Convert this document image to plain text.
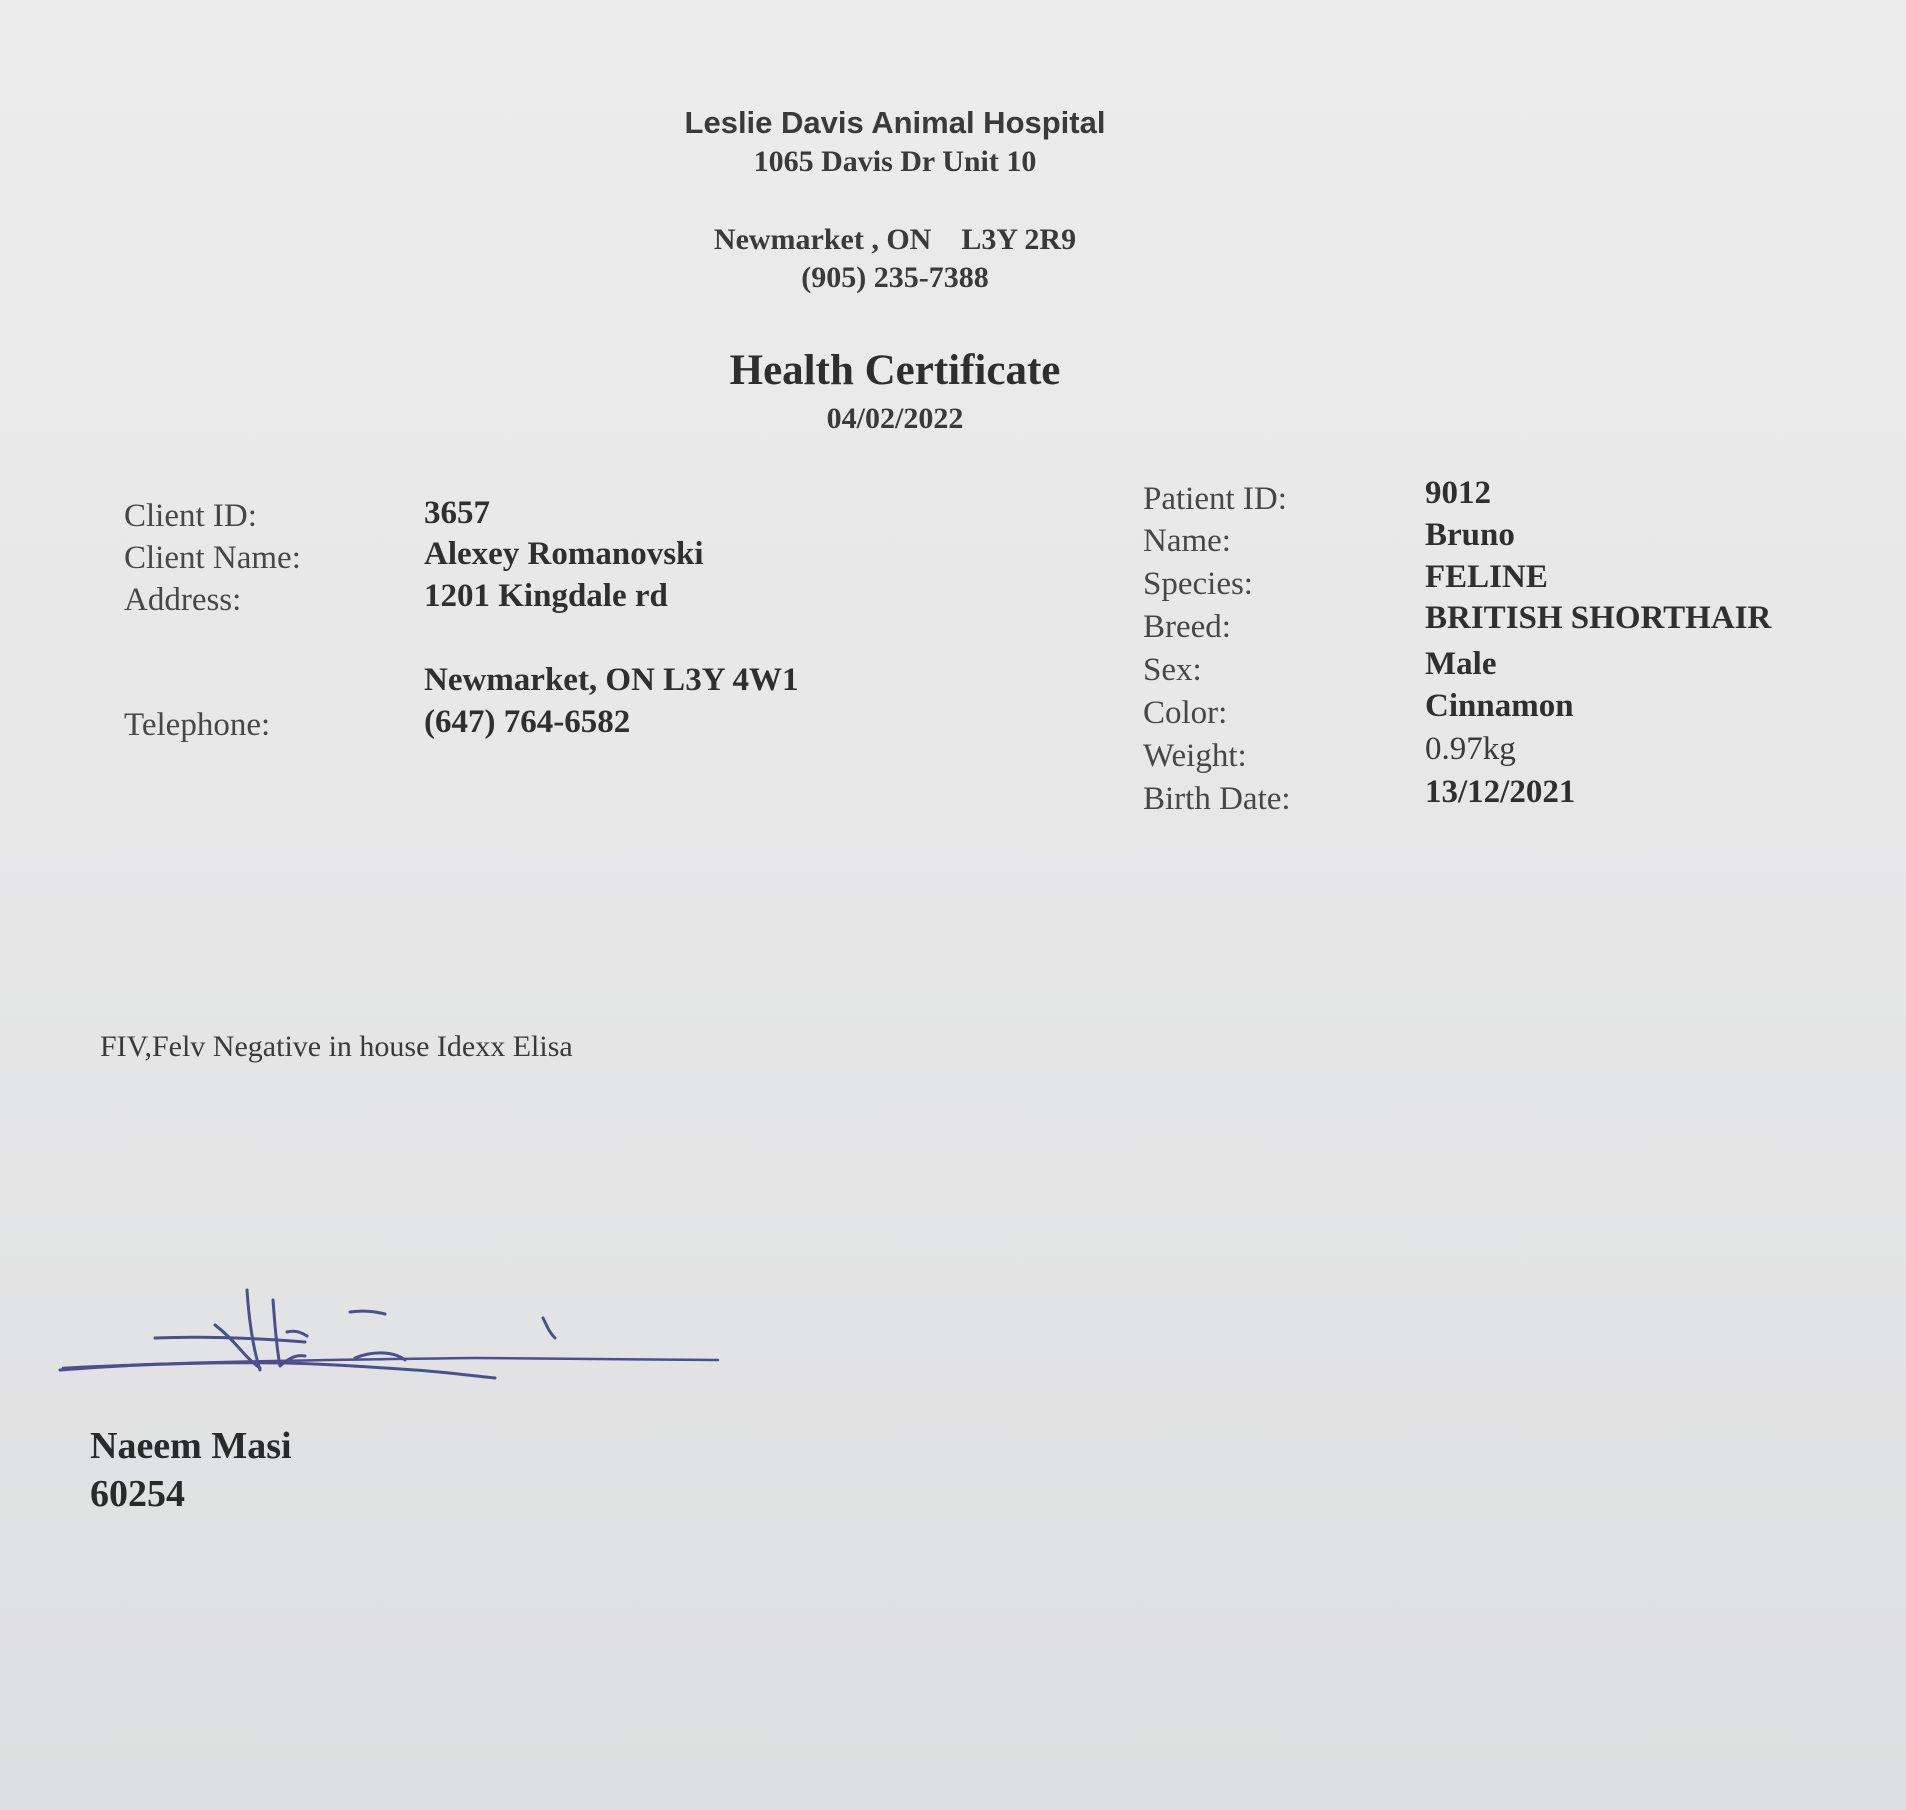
Leslie Davis Animal Hospital
1065 Davis Dr Unit 10
Newmarket , ON    L3Y 2R9
(905) 235-7388
Health Certificate
04/02/2022
Client ID:	3657
Client Name:	Alexey Romanovski
Address:	1201 Kingdale rd
Newmarket, ON L3Y 4W1
Telephone:	(647) 764-6582
Patient ID:	9012
Name:	Bruno
Species:	FELINE
Breed:	BRITISH SHORTHAIR
Sex:	Male
Color:	Cinnamon
Weight:	0.97kg
Birth Date:	13/12/2021
FIV,Felv Negative in house Idexx Elisa
Naeem Masi
60254
